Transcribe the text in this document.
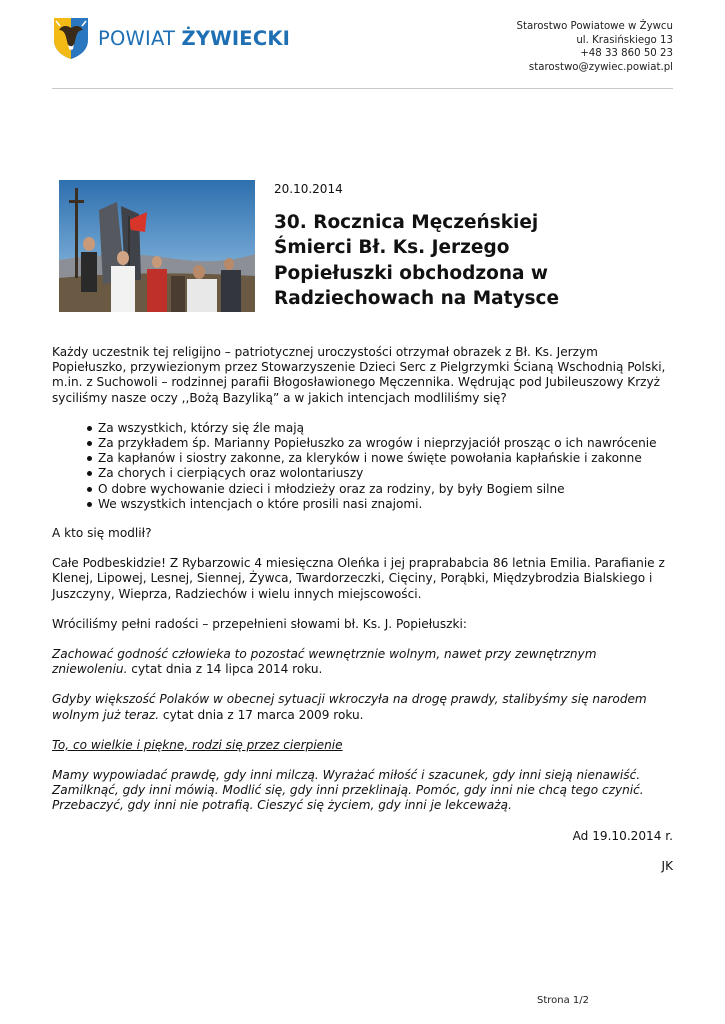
POWIAT ŻYWIECKI	Starostwo Powiatowe w Żywcu
ul. Krasińskiego 13
+48 33 860 50 23
starostwo@zywiec.powiat.pl
20.10.2014
30. Rocznica Męczeńskiej Śmierci Bł. Ks. Jerzego Popiełuszki obchodzona w Radziechowach na Matysce

Każdy uczestnik tej religijno – patriotycznej uroczystości otrzymał obrazek z Bł. Ks. Jerzym Popiełuszko, przywiezionym przez Stowarzyszenie Dzieci Serc z Pielgrzymki Ścianą Wschodnią Polski, m.in. z Suchowoli – rodzinnej parafii Błogosławionego Męczennika. Wędrując pod Jubileuszowy Krzyż syciliśmy nasze oczy ,,Bożą Bazyliką” a w jakich intencjach modliliśmy się?

Za wszystkich, którzy się źle mają
Za przykładem śp. Marianny Popiełuszko za wrogów i nieprzyjaciół prosząc o ich nawrócenie
Za kapłanów i siostry zakonne, za kleryków i nowe święte powołania kapłańskie i zakonne
Za chorych i cierpiących oraz wolontariuszy
O dobre wychowanie dzieci i młodzieży oraz za rodziny, by były Bogiem silne
We wszystkich intencjach o które prosili nasi znajomi.

A kto się modlił?

Całe Podbeskidzie! Z Rybarzowic 4 miesięczna Oleńka i jej praprababcia 86 letnia Emilia. Parafianie z Klenej, Lipowej, Lesnej, Siennej, Żywca, Twardorzeczki, Cięciny, Porąbki, Międzybrodzia Bialskiego i Juszczyny, Wieprza, Radziechów i wielu innych miejscowości.

Wróciliśmy pełni radości – przepełnieni słowami bł. Ks. J. Popiełuszki:

Zachować godność człowieka to pozostać wewnętrznie wolnym, nawet przy zewnętrznym zniewoleniu. cytat dnia z 14 lipca 2014 roku.

Gdyby większość Polaków w obecnej sytuacji wkroczyła na drogę prawdy, stalibyśmy się narodem wolnym już teraz. cytat dnia z 17 marca 2009 roku.

To, co wielkie i piękne, rodzi się przez cierpienie

Mamy wypowiadać prawdę, gdy inni milczą. Wyrażać miłość i szacunek, gdy inni sieją nienawiść. Zamilknąć, gdy inni mówią. Modlić się, gdy inni przeklinają. Pomóc, gdy inni nie chcą tego czynić. Przebaczyć, gdy inni nie potrafią. Cieszyć się życiem, gdy inni je lekceważą.

Ad 19.10.2014 r.

JK

Strona 1/2
